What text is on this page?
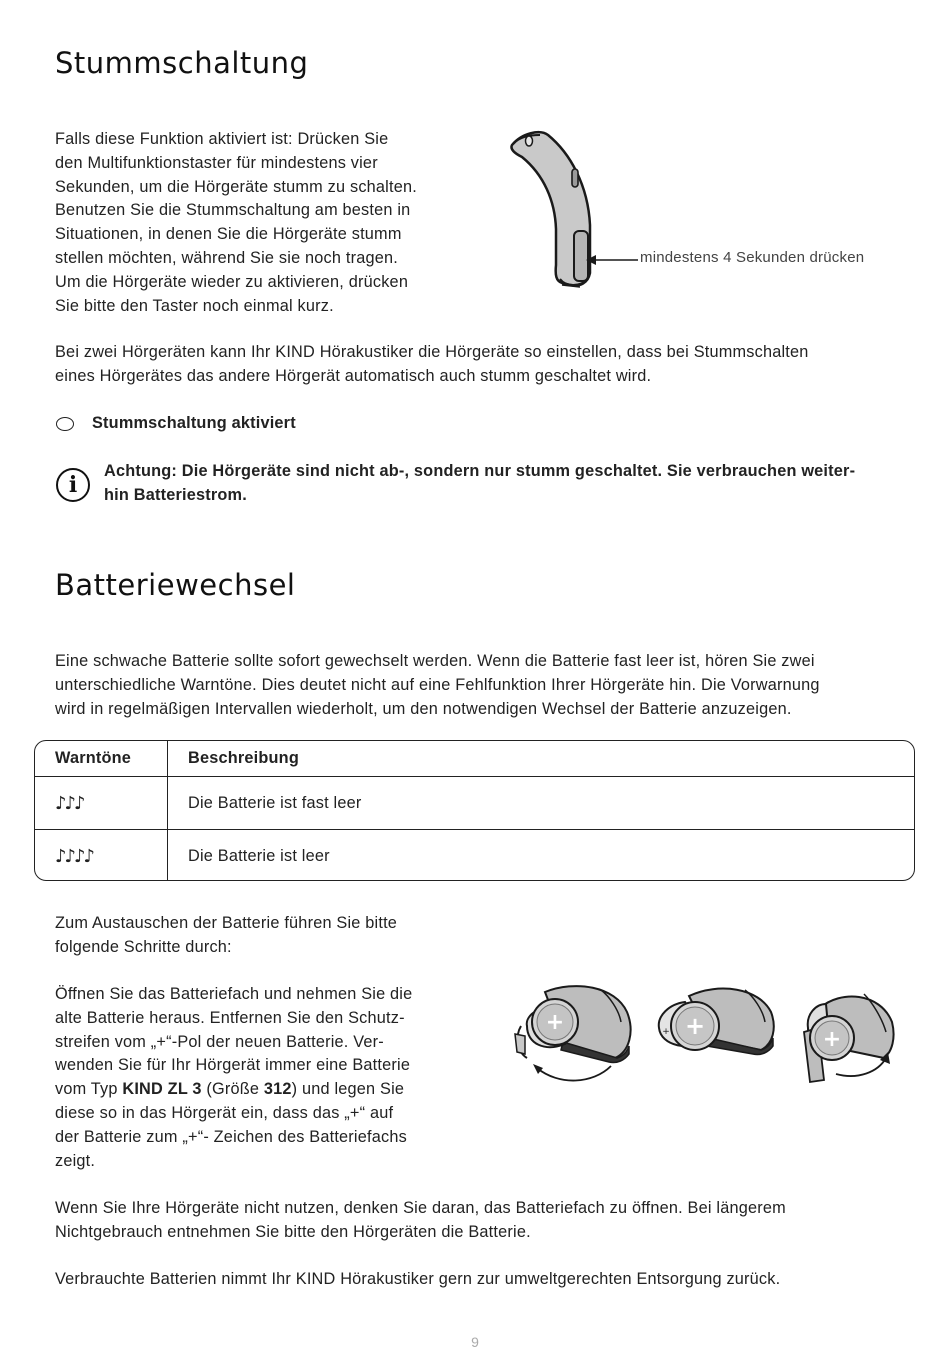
Stummschaltung

Falls diese Funktion aktiviert ist: Drücken Sie

den Multifunktionstaster für mindestens vier

Sekunden, um die Hörgeräte stumm zu schalten.

Benutzen Sie die Stummschaltung am besten in

Situationen, in denen Sie die Hörgeräte stumm

stellen möchten, während Sie sie noch tragen.

Um die Hörgeräte wieder zu aktivieren, drücken

Sie bitte den Taster noch einmal kurz.

mindestens 4 Sekunden drücken

Bei zwei Hörgeräten kann Ihr KIND Hörakustiker die Hörgeräte so einstellen, dass bei Stummschalten

eines Hörgerätes das andere Hörgerät automatisch auch stumm geschaltet wird.

Stummschaltung aktiviert
i

Achtung: Die Hörgeräte sind nicht ab-, sondern nur stumm geschaltet. Sie verbrauchen weiter-

hin Batteriestrom.

Batteriewechsel

Eine schwache Batterie sollte sofort gewechselt werden. Wenn die Batterie fast leer ist, hören Sie zwei

unterschiedliche Warntöne. Dies deutet nicht auf eine Fehlfunktion Ihrer Hörgeräte hin. Die Vorwarnung

wird in regelmäßigen Intervallen wiederholt, um den notwendigen Wechsel der Batterie anzuzeigen.

Warntöne	Beschreibung
♪♪♪	Die Batterie ist fast leer
♪♪♪♪	Die Batterie ist leer

Zum Austauschen der Batterie führen Sie bitte

folgende Schritte durch:

Öffnen Sie das Batteriefach und nehmen Sie die

alte Batterie heraus. Entfernen Sie den Schutz-

streifen vom „+“-Pol der neuen Batterie. Ver-

wenden Sie für Ihr Hörgerät immer eine Batterie

vom Typ KIND ZL 3 (Größe 312) und legen Sie

diese so in das Hörgerät ein, dass das „+“ auf

der Batterie zum „+“- Zeichen des Batteriefachs

zeigt.

+	+
+	+

Wenn Sie Ihre Hörgeräte nicht nutzen, denken Sie daran, das Batteriefach zu öffnen. Bei längerem

Nichtgebrauch entnehmen Sie bitte den Hörgeräten die Batterie.

Verbrauchte Batterien nimmt Ihr KIND Hörakustiker gern zur umweltgerechten Entsorgung zurück.

9
